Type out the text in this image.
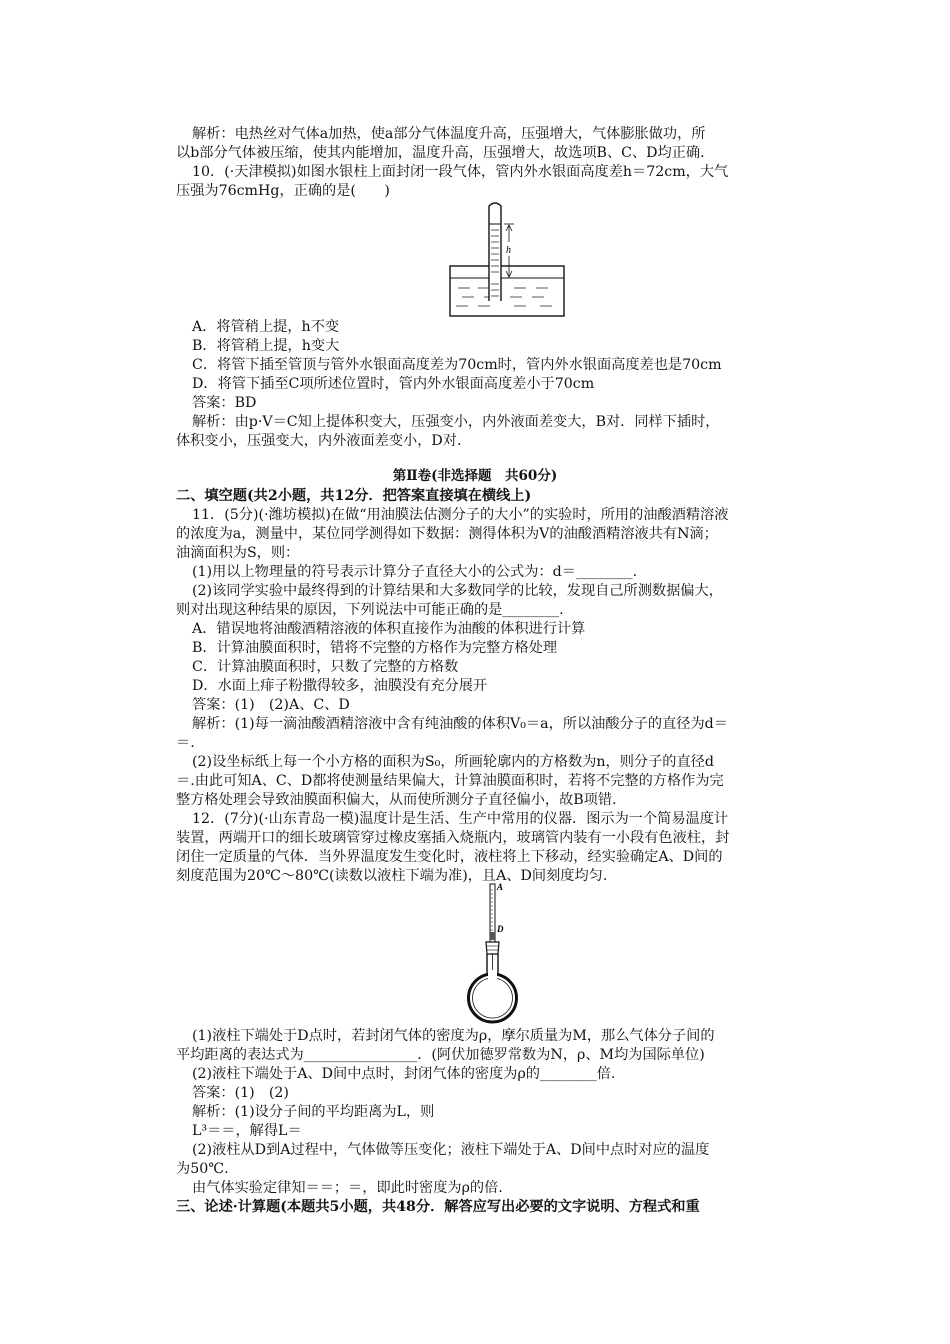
解析：电热丝对气体a加热，使a部分气体温度升高，压强增大，气体膨胀做功，所
以b部分气体被压缩，使其内能增加，温度升高，压强增大，故选项B、C、D均正确．
10．(·天津模拟)如图水银柱上面封闭一段气体，管内外水银面高度差h＝72cm，大气
压强为76cmHg，正确的是(　　)
h
A．将管稍上提，h不变
B．将管稍上提，h变大
C．将管下插至管顶与管外水银面高度差为70cm时，管内外水银面高度差也是70cm
D．将管下插至C项所述位置时，管内外水银面高度差小于70cm
答案：BD
解析：由p·V＝C知上提体积变大，压强变小，内外液面差变大，B对．同样下插时，
体积变小，压强变大，内外液面差变小，D对．
第Ⅱ卷(非选择题　共60分)
二、填空题(共2小题，共12分．把答案直接填在横线上)
11．(5分)(·潍坊模拟)在做“用油膜法估测分子的大小”的实验时，所用的油酸酒精溶液
的浓度为a，测量中，某位同学测得如下数据：测得体积为V的油酸酒精溶液共有N滴；
油滴面积为S，则：
(1)用以上物理量的符号表示计算分子直径大小的公式为：d＝________.
(2)该同学实验中最终得到的计算结果和大多数同学的比较，发现自己所测数据偏大，
则对出现这种结果的原因，下列说法中可能正确的是________.
A．错误地将油酸酒精溶液的体积直接作为油酸的体积进行计算
B．计算油膜面积时，错将不完整的方格作为完整方格处理
C．计算油膜面积时，只数了完整的方格数
D．水面上痱子粉撒得较多，油膜没有充分展开
答案：(1)　(2)A、C、D
解析：(1)每一滴油酸酒精溶液中含有纯油酸的体积V₀＝a，所以油酸分子的直径为d＝
＝.
(2)设坐标纸上每一个小方格的面积为S₀，所画轮廓内的方格数为n，则分子的直径d
＝.由此可知A、C、D都将使测量结果偏大，计算油膜面积时，若将不完整的方格作为完
整方格处理会导致油膜面积偏大，从而使所测分子直径偏小，故B项错.
12．(7分)(·山东青岛一模)温度计是生活、生产中常用的仪器．图示为一个简易温度计
装置，两端开口的细长玻璃管穿过橡皮塞插入烧瓶内，玻璃管内装有一小段有色液柱，封
闭住一定质量的气体．当外界温度发生变化时，液柱将上下移动，经实验确定A、D间的
刻度范围为20℃～80℃(读数以液柱下端为准)，且A、D间刻度均匀.
A
D
(1)液柱下端处于D点时，若封闭气体的密度为ρ，摩尔质量为M，那么气体分子间的
平均距离的表达式为________________．(阿伏加德罗常数为N，ρ、M均为国际单位)
(2)液柱下端处于A、D间中点时，封闭气体的密度为ρ的________倍.
答案：(1)　(2)
解析：(1)设分子间的平均距离为L，则
L³＝＝，解得L＝
(2)液柱从D到A过程中，气体做等压变化；液柱下端处于A、D间中点时对应的温度
为50℃.
由气体实验定律知＝＝；＝，即此时密度为ρ的倍.
三、论述·计算题(本题共5小题，共48分．解答应写出必要的文字说明、方程式和重
